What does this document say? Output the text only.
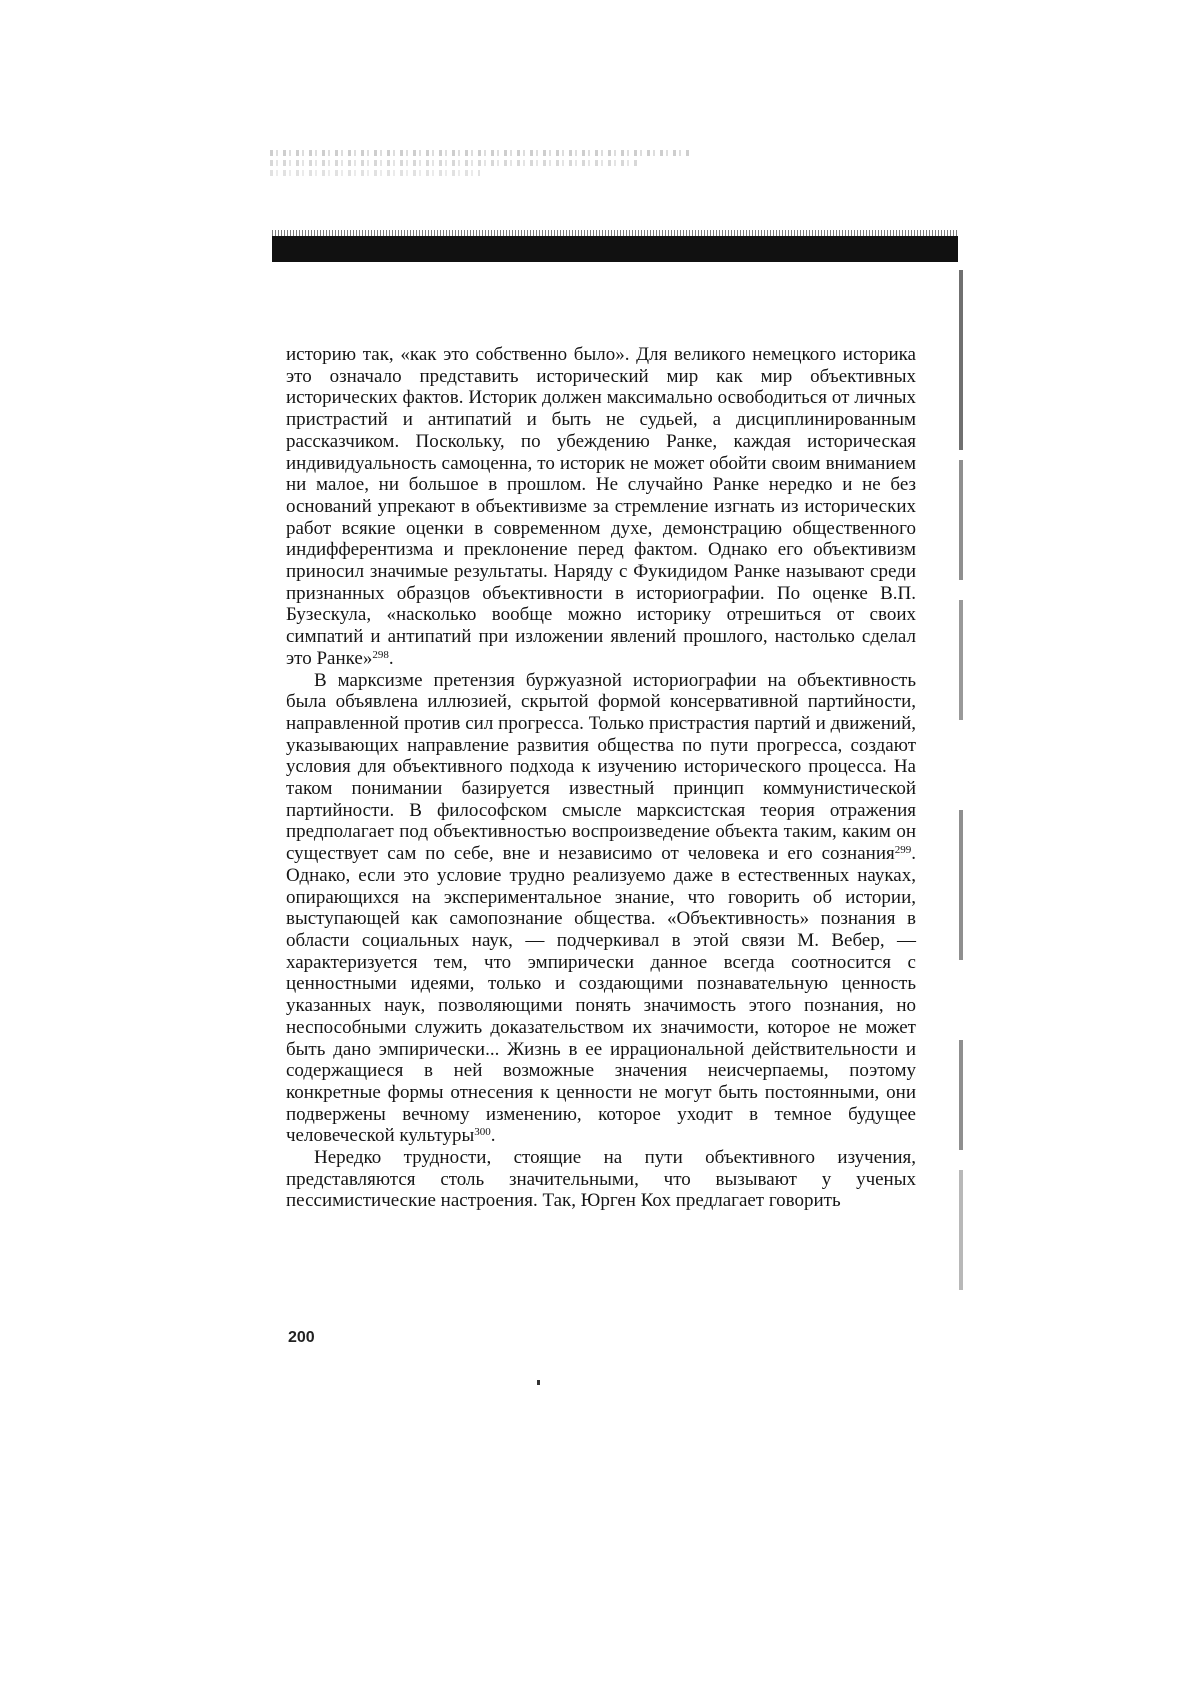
историю так, «как это собственно было». Для великого немецкого историка это означало представить исторический мир как мир объективных исторических фактов. Историк должен максимально освободиться от личных пристрастий и антипатий и быть не судьей, а дисциплинированным рассказчиком. Поскольку, по убеждению Ранке, каждая историческая индивидуальность самоценна, то историк не может обойти своим вниманием ни малое, ни большое в прошлом. Не случайно Ранке нередко и не без оснований упрекают в объективизме за стремление изгнать из исторических работ всякие оценки в современном духе, демонстрацию общественного индифферентизма и преклонение перед фактом. Однако его объективизм приносил значимые результаты. Наряду с Фукидидом Ранке называют среди признанных образцов объективности в историографии. По оценке В.П. Бузескула, «насколько вообще можно историку отрешиться от своих симпатий и антипатий при изложении явлений прошлого, настолько сделал это Ранке»$^{298}$.

В марксизме претензия буржуазной историографии на объективность была объявлена иллюзией, скрытой формой консервативной партийности, направленной против сил прогресса. Только пристрастия партий и движений, указывающих направление развития общества по пути прогресса, создают условия для объективного подхода к изучению исторического процесса. На таком понимании базируется известный принцип коммунистической партийности. В философском смысле марксистская теория отражения предполагает под объективностью воспроизведение объекта таким, каким он существует сам по себе, вне и независимо от человека и его сознания$^{299}$. Однако, если это условие трудно реализуемо даже в естественных науках, опирающихся на экспериментальное знание, что говорить об истории, выступающей как самопознание общества. «Объективность» познания в области социальных наук, — подчеркивал в этой связи М. Вебер, — характеризуется тем, что эмпирически данное всегда соотносится с ценностными идеями, только и создающими познавательную ценность указанных наук, позволяющими понять значимость этого познания, но неспособными служить доказательством их значимости, которое не может быть дано эмпирически... Жизнь в ее иррациональной действительности и содержащиеся в ней возможные значения неисчерпаемы, поэтому конкретные формы отнесения к ценности не могут быть постоянными, они подвержены вечному изменению, которое уходит в темное будущее человеческой культуры$^{300}$.

Нередко трудности, стоящие на пути объективного изучения, представляются столь значительными, что вызывают у ученых пессимистические настроения. Так, Юрген Кох предлагает говорить

200
